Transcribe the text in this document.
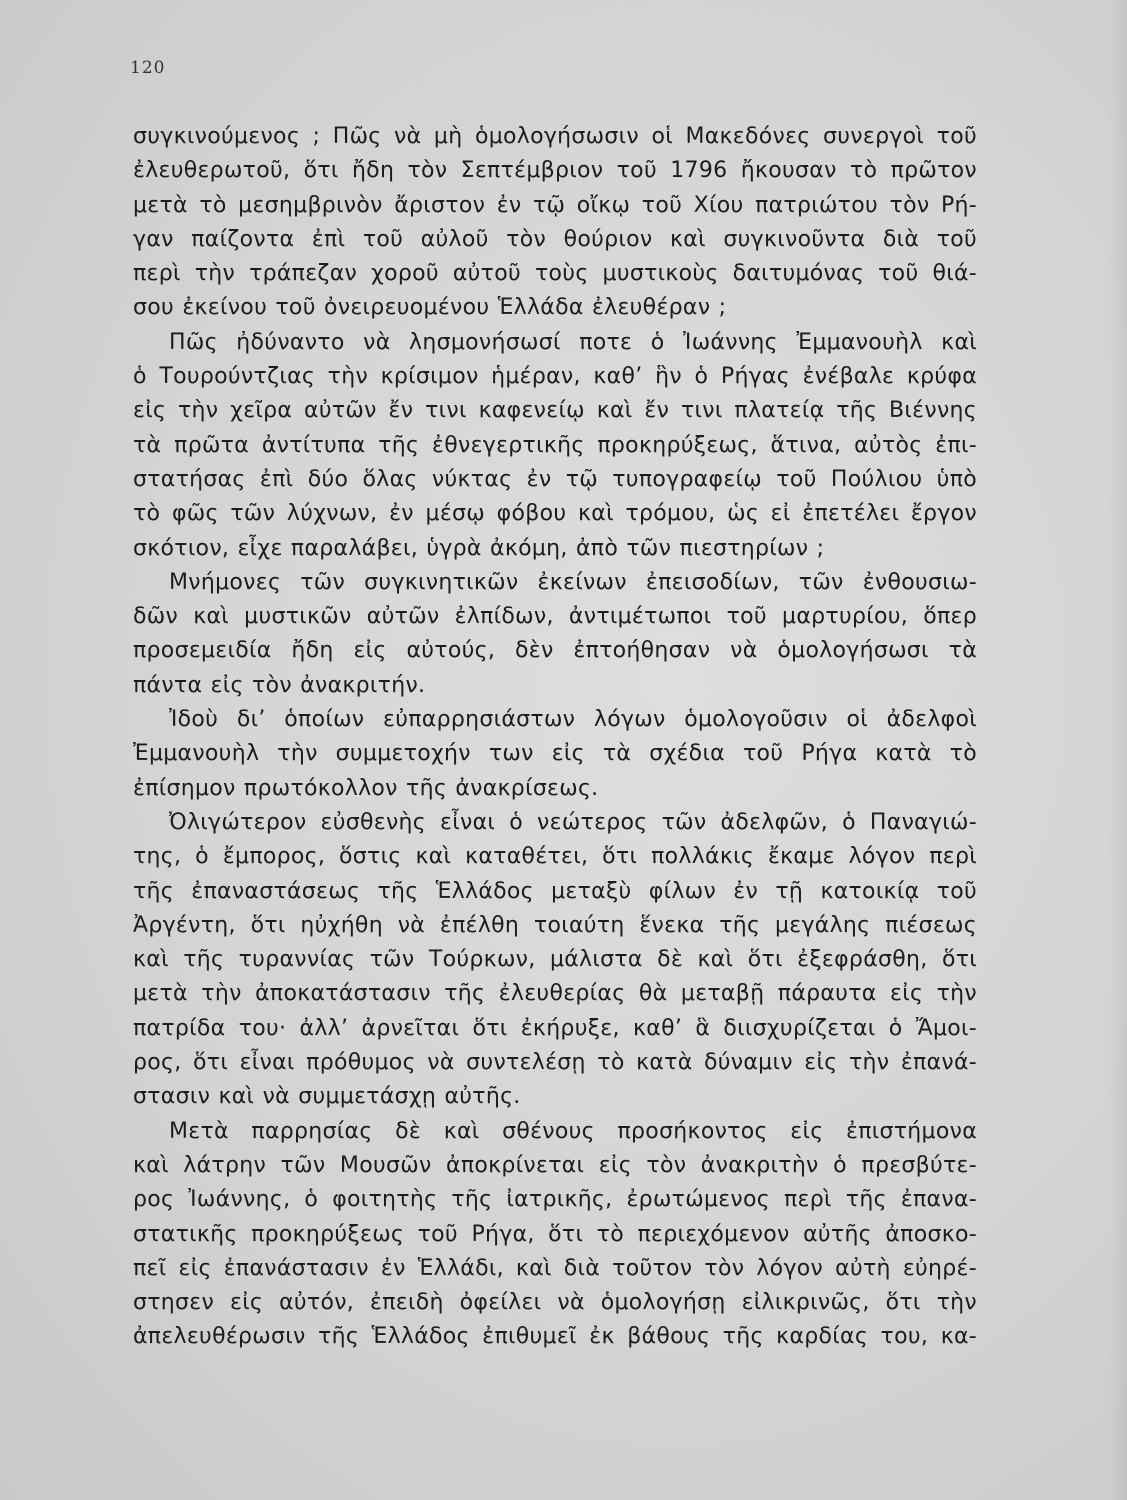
120

συγκινούμενος ; Πῶς νὰ μὴ ὁμολογήσωσιν οἱ Μακεδόνες συνεργοὶ τοῦ

ἐλευθερωτοῦ, ὅτι ἤδη τὸν Σεπτέμβριον τοῦ 1796 ἤκουσαν τὸ πρῶτον

μετὰ τὸ μεσημβρινὸν ἄριστον ἐν τῷ οἴκῳ τοῦ Χίου πατριώτου τὸν Ρή-

γαν παίζοντα ἐπὶ τοῦ αὐλοῦ τὸν θούριον καὶ συγκινοῦντα διὰ τοῦ

περὶ τὴν τράπεζαν χοροῦ αὐτοῦ τοὺς μυστικοὺς δαιτυμόνας τοῦ θιά-

σου ἐκείνου τοῦ ὀνειρευομένου Ἑλλάδα ἐλευθέραν ;

Πῶς ἠδύναντο νὰ λησμονήσωσί ποτε ὁ Ἰωάννης Ἐμμανουὴλ καὶ

ὁ Τουρούντζιας τὴν κρίσιμον ἡμέραν, καθ’ ἣν ὁ Ρήγας ἐνέβαλε κρύφα

εἰς τὴν χεῖρα αὐτῶν ἔν τινι καφενείῳ καὶ ἔν τινι πλατείᾳ τῆς Βιέννης

τὰ πρῶτα ἀντίτυπα τῆς ἐθνεγερτικῆς προκηρύξεως, ἅτινα, αὐτὸς ἐπι-

στατήσας ἐπὶ δύο ὅλας νύκτας ἐν τῷ τυπογραφείῳ τοῦ Πούλιου ὑπὸ

τὸ φῶς τῶν λύχνων, ἐν μέσῳ φόβου καὶ τρόμου, ὡς εἰ ἐπετέλει ἔργον

σκότιον, εἶχε παραλάβει, ὑγρὰ ἀκόμη, ἀπὸ τῶν πιεστηρίων ;

Μνήμονες τῶν συγκινητικῶν ἐκείνων ἐπεισοδίων, τῶν ἐνθουσιω-

δῶν καὶ μυστικῶν αὐτῶν ἐλπίδων, ἀντιμέτωποι τοῦ μαρτυρίου, ὅπερ

προσεμειδία ἤδη εἰς αὐτούς, δὲν ἐπτοήθησαν νὰ ὁμολογήσωσι τὰ

πάντα εἰς τὸν ἀνακριτήν.

Ἰδοὺ δι’ ὁποίων εὐπαρρησιάστων λόγων ὁμολογοῦσιν οἱ ἀδελφοὶ

Ἐμμανουὴλ τὴν συμμετοχήν των εἰς τὰ σχέδια τοῦ Ρήγα κατὰ τὸ

ἐπίσημον πρωτόκολλον τῆς ἀνακρίσεως.

Ὀλιγώτερον εὐσθενὴς εἶναι ὁ νεώτερος τῶν ἀδελφῶν, ὁ Παναγιώ-

της, ὁ ἔμπορος, ὅστις καὶ καταθέτει, ὅτι πολλάκις ἔκαμε λόγον περὶ

τῆς ἐπαναστάσεως τῆς Ἑλλάδος μεταξὺ φίλων ἐν τῇ κατοικίᾳ τοῦ

Ἀργέντη, ὅτι ηὐχήθη νὰ ἐπέλθη τοιαύτη ἕνεκα τῆς μεγάλης πιέσεως

καὶ τῆς τυραννίας τῶν Τούρκων, μάλιστα δὲ καὶ ὅτι ἐξεφράσθη, ὅτι

μετὰ τὴν ἀποκατάστασιν τῆς ἐλευθερίας θὰ μεταβῇ πάραυτα εἰς τὴν

πατρίδα του· ἀλλ’ ἀρνεῖται ὅτι ἐκήρυξε, καθ’ ἃ διισχυρίζεται ὁ Ἄμοι-

ρος, ὅτι εἶναι πρόθυμος νὰ συντελέσῃ τὸ κατὰ δύναμιν εἰς τὴν ἐπανά-

στασιν καὶ νὰ συμμετάσχῃ αὐτῆς.

Μετὰ παρρησίας δὲ καὶ σθένους προσήκοντος εἰς ἐπιστήμονα

καὶ λάτρην τῶν Μουσῶν ἀποκρίνεται εἰς τὸν ἀνακριτὴν ὁ πρεσβύτε-

ρος Ἰωάννης, ὁ φοιτητὴς τῆς ἰατρικῆς, ἐρωτώμενος περὶ τῆς ἐπανα-

στατικῆς προκηρύξεως τοῦ Ρήγα, ὅτι τὸ περιεχόμενον αὐτῆς ἀποσκο-

πεῖ εἰς ἐπανάστασιν ἐν Ἑλλάδι, καὶ διὰ τοῦτον τὸν λόγον αὐτὴ εὐηρέ-

στησεν εἰς αὐτόν, ἐπειδὴ ὀφείλει νὰ ὁμολογήσῃ εἰλικρινῶς, ὅτι τὴν

ἀπελευθέρωσιν τῆς Ἑλλάδος ἐπιθυμεῖ ἐκ βάθους τῆς καρδίας του, κα-
